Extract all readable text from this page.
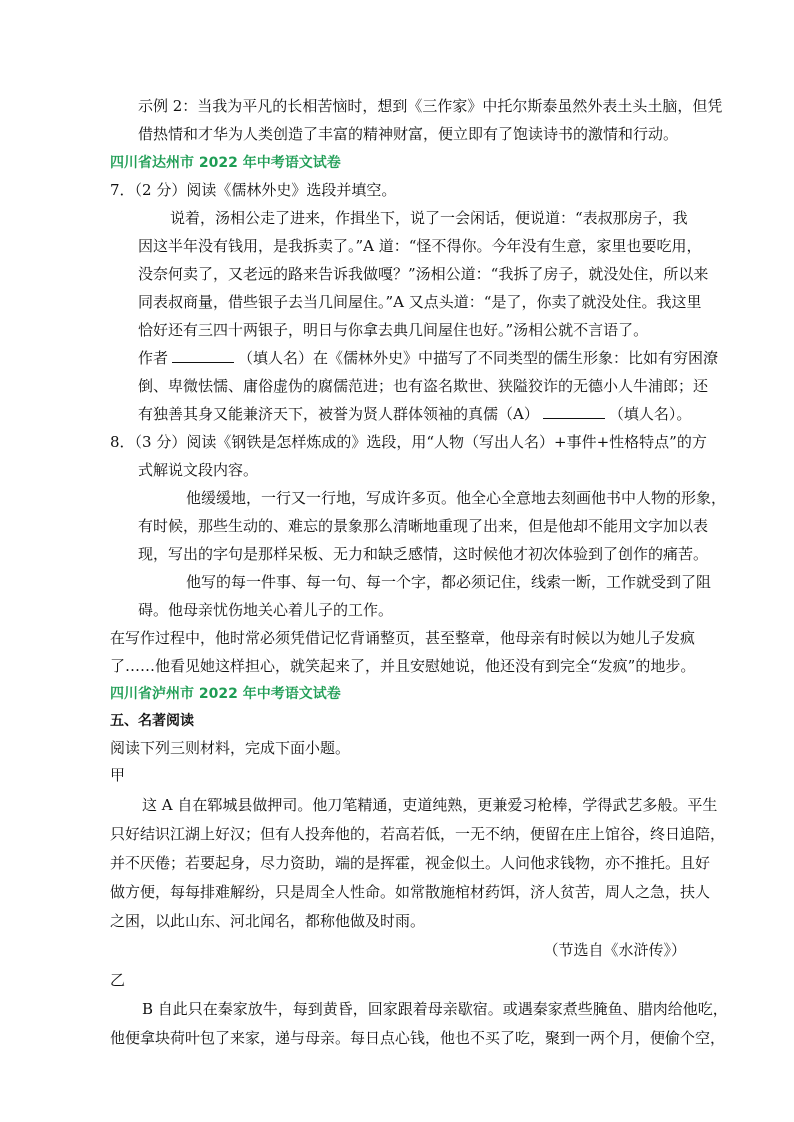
示例 2：当我为平凡的长相苦恼时，想到《三作家》中托尔斯泰虽然外表土头土脑，但凭
借热情和才华为人类创造了丰富的精神财富，便立即有了饱读诗书的激情和行动。
四川省达州市 2022 年中考语文试卷
7．（2 分）阅读《儒林外史》选段并填空。
说着，汤相公走了进来，作揖坐下，说了一会闲话，便说道：“表叔那房子，我
因这半年没有钱用，是我拆卖了。”A 道：“怪不得你。今年没有生意，家里也要吃用，
没奈何卖了，又老远的路来告诉我做嘎？”汤相公道：“我拆了房子，就没处住，所以来
同表叔商量，借些银子去当几间屋住。”A 又点头道：“是了，你卖了就没处住。我这里
恰好还有三四十两银子，明日与你拿去典几间屋住也好。”汤相公就不言语了。
作者	（填人名）在《儒林外史》中描写了不同类型的儒生形象：比如有穷困潦
倒、卑微怯懦、庸俗虚伪的腐儒范进；也有盗名欺世、狭隘狡诈的无德小人牛浦郎；还
有独善其身又能兼济天下，被誉为贤人群体领袖的真儒（A）	（填人名）。
8．（3 分）阅读《钢铁是怎样炼成的》选段，用“人物（写出人名）+事件+性格特点”的方
式解说文段内容。
他缓缓地，一行又一行地，写成许多页。他全心全意地去刻画他书中人物的形象，
有时候，那些生动的、难忘的景象那么清晰地重现了出来，但是他却不能用文字加以表
现，写出的字句是那样呆板、无力和缺乏感情，这时候他才初次体验到了创作的痛苦。
他写的每一件事、每一句、每一个字，都必须记住，线索一断，工作就受到了阻
碍。他母亲忧伤地关心着儿子的工作。
在写作过程中，他时常必须凭借记忆背诵整页，甚至整章，他母亲有时候以为她儿子发疯
了……他看见她这样担心，就笑起来了，并且安慰她说，他还没有到完全“发疯”的地步。
四川省泸州市 2022 年中考语文试卷
五、名著阅读
阅读下列三则材料，完成下面小题。
甲
这 A 自在郓城县做押司。他刀笔精通，吏道纯熟，更兼爱习枪棒，学得武艺多般。平生
只好结识江湖上好汉；但有人投奔他的，若高若低，一无不纳，便留在庄上馆谷，终日追陪，
并不厌倦；若要起身，尽力资助，端的是挥霍，视金似土。人问他求钱物，亦不推托。且好
做方便，每每排难解纷，只是周全人性命。如常散施棺材药饵，济人贫苦，周人之急，扶人
之困，以此山东、河北闻名，都称他做及时雨。
（节选自《水浒传》）
乙
B 自此只在秦家放牛，每到黄昏，回家跟着母亲歇宿。或遇秦家煮些腌鱼、腊肉给他吃，
他便拿块荷叶包了来家，递与母亲。每日点心钱，他也不买了吃，聚到一两个月，便偷个空，
